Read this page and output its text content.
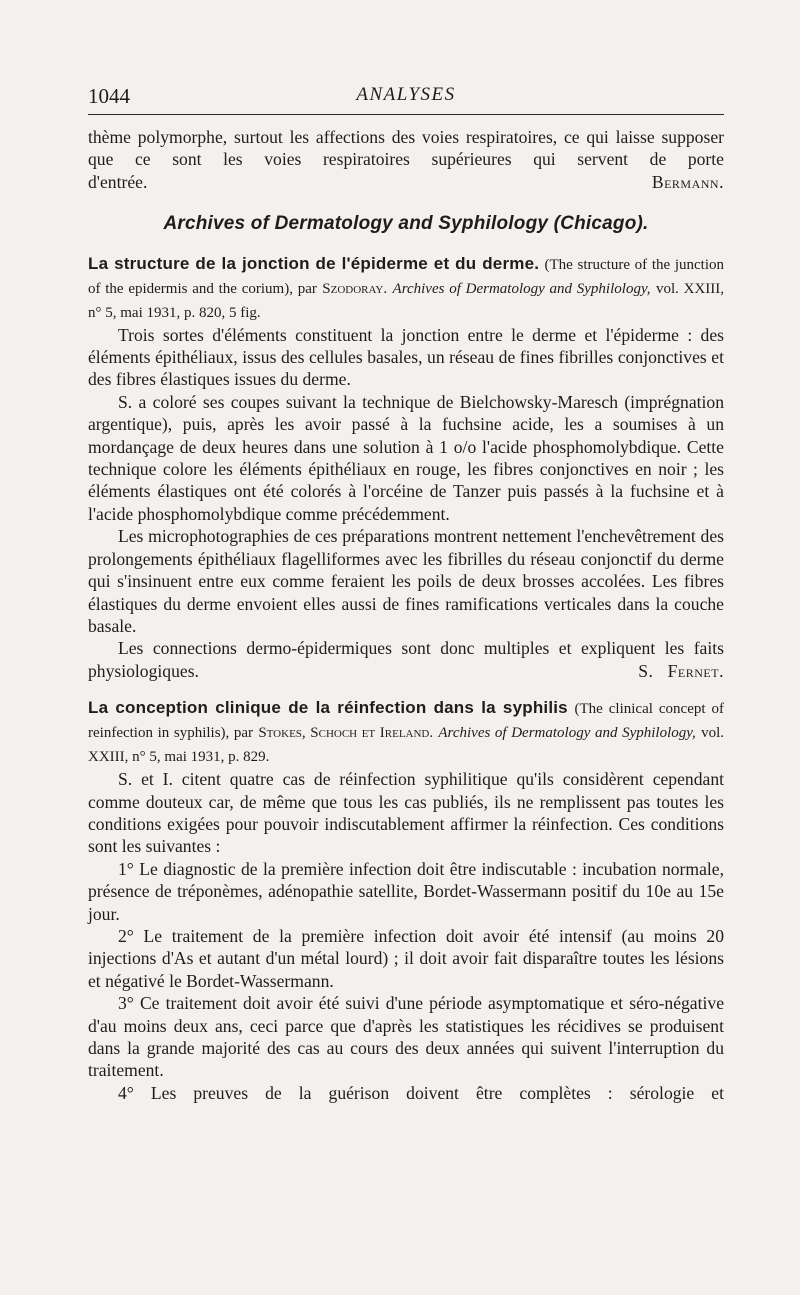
1044	ANALYSES

thème polymorphe, surtout les affections des voies respiratoires, ce qui laisse supposer que ce sont les voies respiratoires supérieures qui servent de porte d'entrée.	Bermann.

Archives of Dermatology and Syphilology (Chicago).

La structure de la jonction de l'épiderme et du derme. (The structure of the junction of the epidermis and the corium), par Szodoray. Archives of Dermatology and Syphilology, vol. XXIII, n° 5, mai 1931, p. 820, 5 fig.

Trois sortes d'éléments constituent la jonction entre le derme et l'épiderme : des éléments épithéliaux, issus des cellules basales, un réseau de fines fibrilles conjonctives et des fibres élastiques issues du derme.

S. a coloré ses coupes suivant la technique de Bielchowsky-Maresch (imprégnation argentique), puis, après les avoir passé à la fuchsine acide, les a soumises à un mordançage de deux heures dans une solution à 1 o/o l'acide phosphomolybdique. Cette technique colore les éléments épithéliaux en rouge, les fibres conjonctives en noir ; les éléments élastiques ont été colorés à l'orcéine de Tanzer puis passés à la fuchsine et à l'acide phosphomolybdique comme précédemment.

Les microphotographies de ces préparations montrent nettement l'enchevêtrement des prolongements épithéliaux flagelliformes avec les fibrilles du réseau conjonctif du derme qui s'insinuent entre eux comme feraient les poils de deux brosses accolées. Les fibres élastiques du derme envoient elles aussi de fines ramifications verticales dans la couche basale.

Les connections dermo-épidermiques sont donc multiples et expliquent les faits physiologiques.	S. Fernet.

La conception clinique de la réinfection dans la syphilis (The clinical concept of reinfection in syphilis), par Stokes, Schoch et Ireland. Archives of Dermatology and Syphilology, vol. XXIII, n° 5, mai 1931, p. 829.

S. et I. citent quatre cas de réinfection syphilitique qu'ils considèrent cependant comme douteux car, de même que tous les cas publiés, ils ne remplissent pas toutes les conditions exigées pour pouvoir indiscutablement affirmer la réinfection. Ces conditions sont les suivantes :

1° Le diagnostic de la première infection doit être indiscutable : incubation normale, présence de tréponèmes, adénopathie satellite, Bordet-Wassermann positif du 10e au 15e jour.

2° Le traitement de la première infection doit avoir été intensif (au moins 20 injections d'As et autant d'un métal lourd) ; il doit avoir fait disparaître toutes les lésions et négativé le Bordet-Wassermann.

3° Ce traitement doit avoir été suivi d'une période asymptomatique et séro-négative d'au moins deux ans, ceci parce que d'après les statistiques les récidives se produisent dans la grande majorité des cas au cours des deux années qui suivent l'interruption du traitement.

4° Les preuves de la guérison doivent être complètes : sérologie et
